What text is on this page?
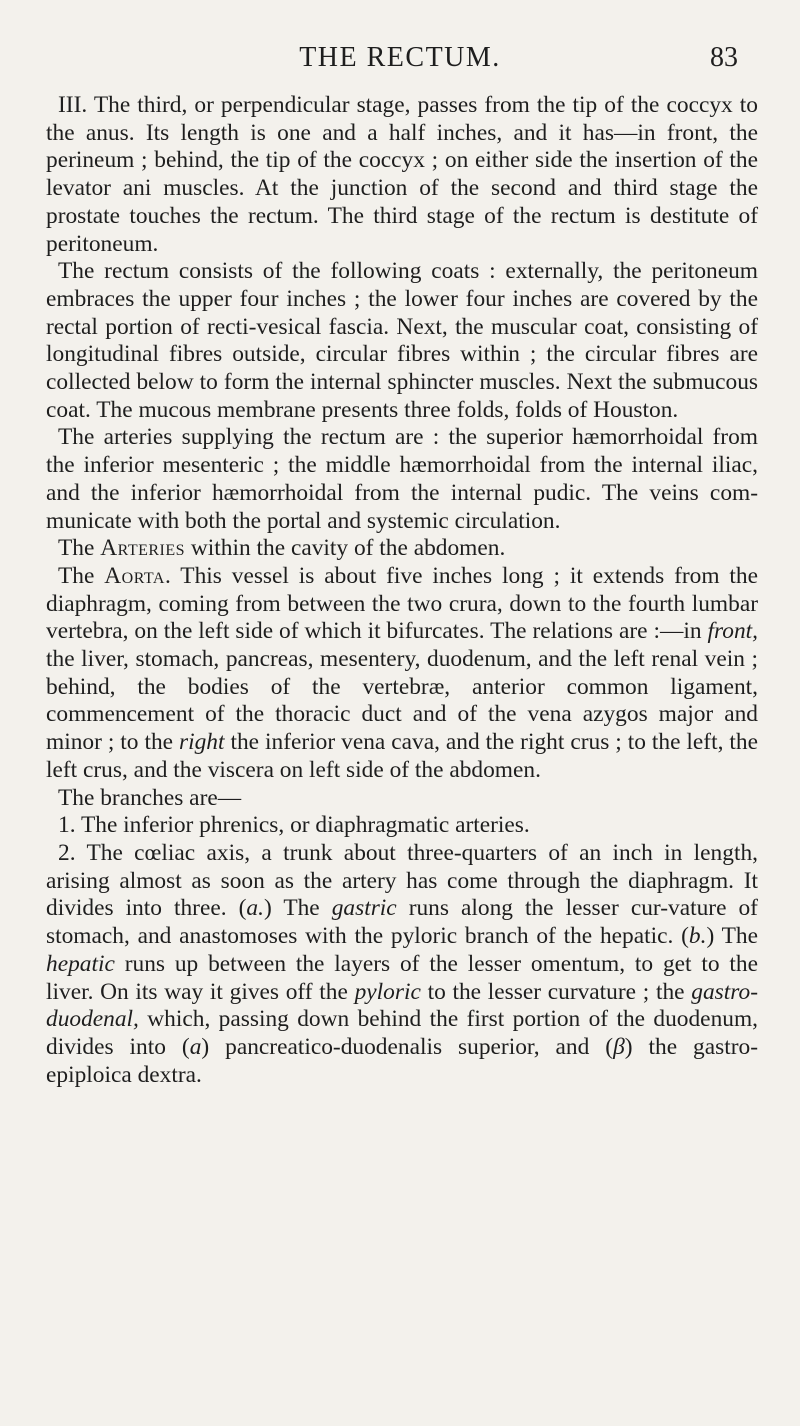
THE RECTUM.	83

III. The third, or perpendicular stage, passes from the tip of the coccyx to the anus. Its length is one and a half inches, and it has—in front, the perineum ; behind, the tip of the coccyx ; on either side the insertion of the levator ani muscles. At the junction of the second and third stage the prostate touches the rectum. The third stage of the rectum is destitute of peritoneum.

The rectum consists of the following coats : externally, the peritoneum embraces the upper four inches ; the lower four inches are covered by the rectal portion of recti-vesical fascia. Next, the muscular coat, consisting of longitudinal fibres outside, circular fibres within ; the circular fibres are collected below to form the internal sphincter muscles. Next the submucous coat. The mucous membrane presents three folds, folds of Houston.

The arteries supplying the rectum are : the superior hæmorrhoidal from the inferior mesenteric ; the middle hæmorrhoidal from the internal iliac, and the inferior hæmorrhoidal from the internal pudic. The veins com-municate with both the portal and systemic circulation.

The Arteries within the cavity of the abdomen.

The Aorta. This vessel is about five inches long ; it extends from the diaphragm, coming from between the two crura, down to the fourth lumbar vertebra, on the left side of which it bifurcates. The relations are :—in front, the liver, stomach, pancreas, mesentery, duodenum, and the left renal vein ; behind, the bodies of the vertebræ, anterior common ligament, commencement of the thoracic duct and of the vena azygos major and minor ; to the right the inferior vena cava, and the right crus ; to the left, the left crus, and the viscera on left side of the abdomen.

The branches are—

1. The inferior phrenics, or diaphragmatic arteries.

2. The cœliac axis, a trunk about three-quarters of an inch in length, arising almost as soon as the artery has come through the diaphragm. It divides into three. (a.) The gastric runs along the lesser cur-vature of stomach, and anastomoses with the pyloric branch of the hepatic. (b.) The hepatic runs up between the layers of the lesser omentum, to get to the liver. On its way it gives off the pyloric to the lesser curvature ; the gastro-duodenal, which, passing down behind the first portion of the duodenum, divides into (a) pancreatico-duodenalis superior, and (β) the gastro-epiploica dextra.
